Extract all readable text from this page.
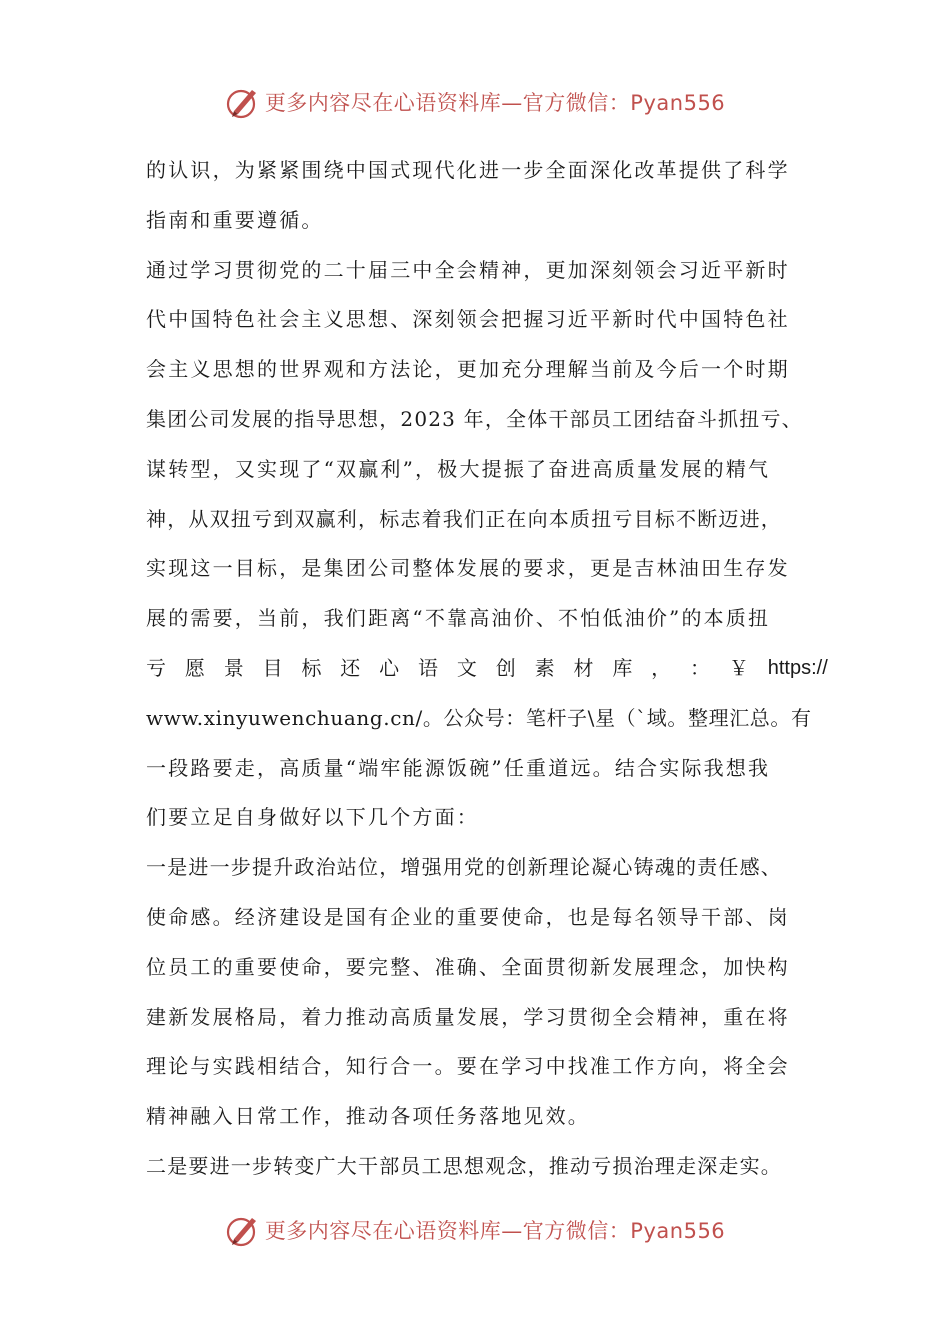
更多内容尽在心语资料库—官方微信：Pyan556
的认识，为紧紧围绕中国式现代化进一步全面深化改革提供了科学
指南和重要遵循。
通过学习贯彻党的二十届三中全会精神，更加深刻领会习近平新时
代中国特色社会主义思想、深刻领会把握习近平新时代中国特色社
会主义思想的世界观和方法论，更加充分理解当前及今后一个时期
集团公司发展的指导思想，2023 年，全体干部员工团结奋斗抓扭亏、
谋转型，又实现了“双赢利”，极大提振了奋进高质量发展的精气
神，从双扭亏到双赢利，标志着我们正在向本质扭亏目标不断迈进，
实现这一目标，是集团公司整体发展的要求，更是吉林油田生存发
展的需要，当前，我们距离“不靠高油价、不怕低油价”的本质扭
亏 愿 景 目 标 还 心 语 文 创 素 材 库 ， ： ￥ https://
www.xinyuwenchuang.cn/。公众号：笔杆子\星（`域。整理汇总。有
一段路要走，高质量“端牢能源饭碗”任重道远。结合实际我想我
们要立足自身做好以下几个方面：
一是进一步提升政治站位，增强用党的创新理论凝心铸魂的责任感、
使命感。经济建设是国有企业的重要使命，也是每名领导干部、岗
位员工的重要使命，要完整、准确、全面贯彻新发展理念，加快构
建新发展格局，着力推动高质量发展，学习贯彻全会精神，重在将
理论与实践相结合，知行合一。要在学习中找准工作方向，将全会
精神融入日常工作，推动各项任务落地见效。
二是要进一步转变广大干部员工思想观念，推动亏损治理走深走实。
更多内容尽在心语资料库—官方微信：Pyan556
